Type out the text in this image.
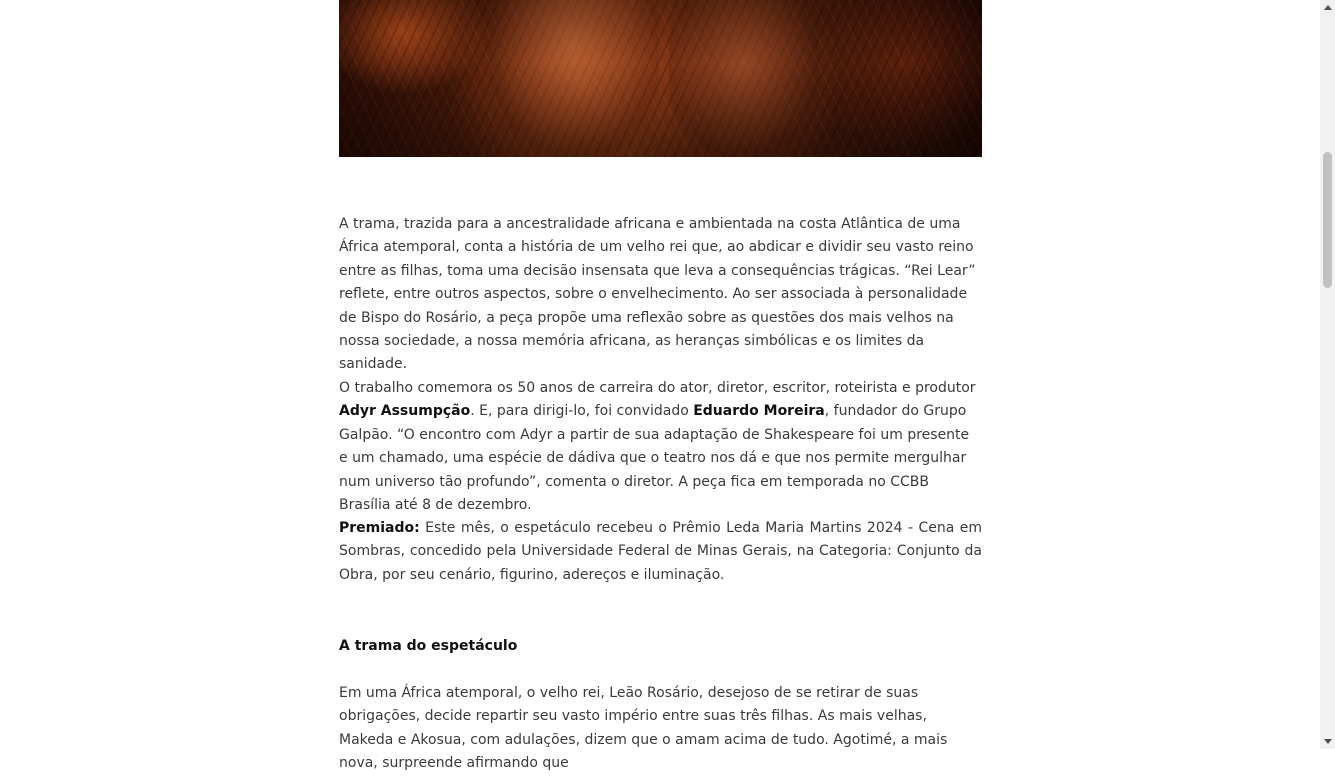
A trama, trazida para a ancestralidade africana e ambientada na costa Atlântica de uma África atemporal, conta a história de um velho rei que, ao abdicar e dividir seu vasto reino entre as filhas, toma uma decisão insensata que leva a consequências trágicas. “Rei Lear” reflete, entre outros aspectos, sobre o envelhecimento. Ao ser associada à personalidade de Bispo do Rosário, a peça propõe uma reflexão sobre as questões dos mais velhos na nossa sociedade, a nossa memória africana, as heranças simbólicas e os limites da sanidade.

O trabalho comemora os 50 anos de carreira do ator, diretor, escritor, roteirista e produtor Adyr Assumpção. E, para dirigi-lo, foi convidado Eduardo Moreira, fundador do Grupo Galpão. “O encontro com Adyr a partir de sua adaptação de Shakespeare foi um presente e um chamado, uma espécie de dádiva que o teatro nos dá e que nos permite mergulhar num universo tão profundo”, comenta o diretor. A peça fica em temporada no CCBB Brasília até 8 de dezembro.

Premiado: Este mês, o espetáculo recebeu o Prêmio Leda Maria Martins 2024 - Cena em Sombras, concedido pela Universidade Federal de Minas Gerais, na Categoria: Conjunto da Obra, por seu cenário, figurino, adereços e iluminação.

A trama do espetáculo

Em uma África atemporal, o velho rei, Leão Rosário, desejoso de se retirar de suas obrigações, decide repartir seu vasto império entre suas três filhas. As mais velhas, Makeda e Akosua, com adulações, dizem que o amam acima de tudo. Agotimé, a mais nova, surpreende afirmando que
